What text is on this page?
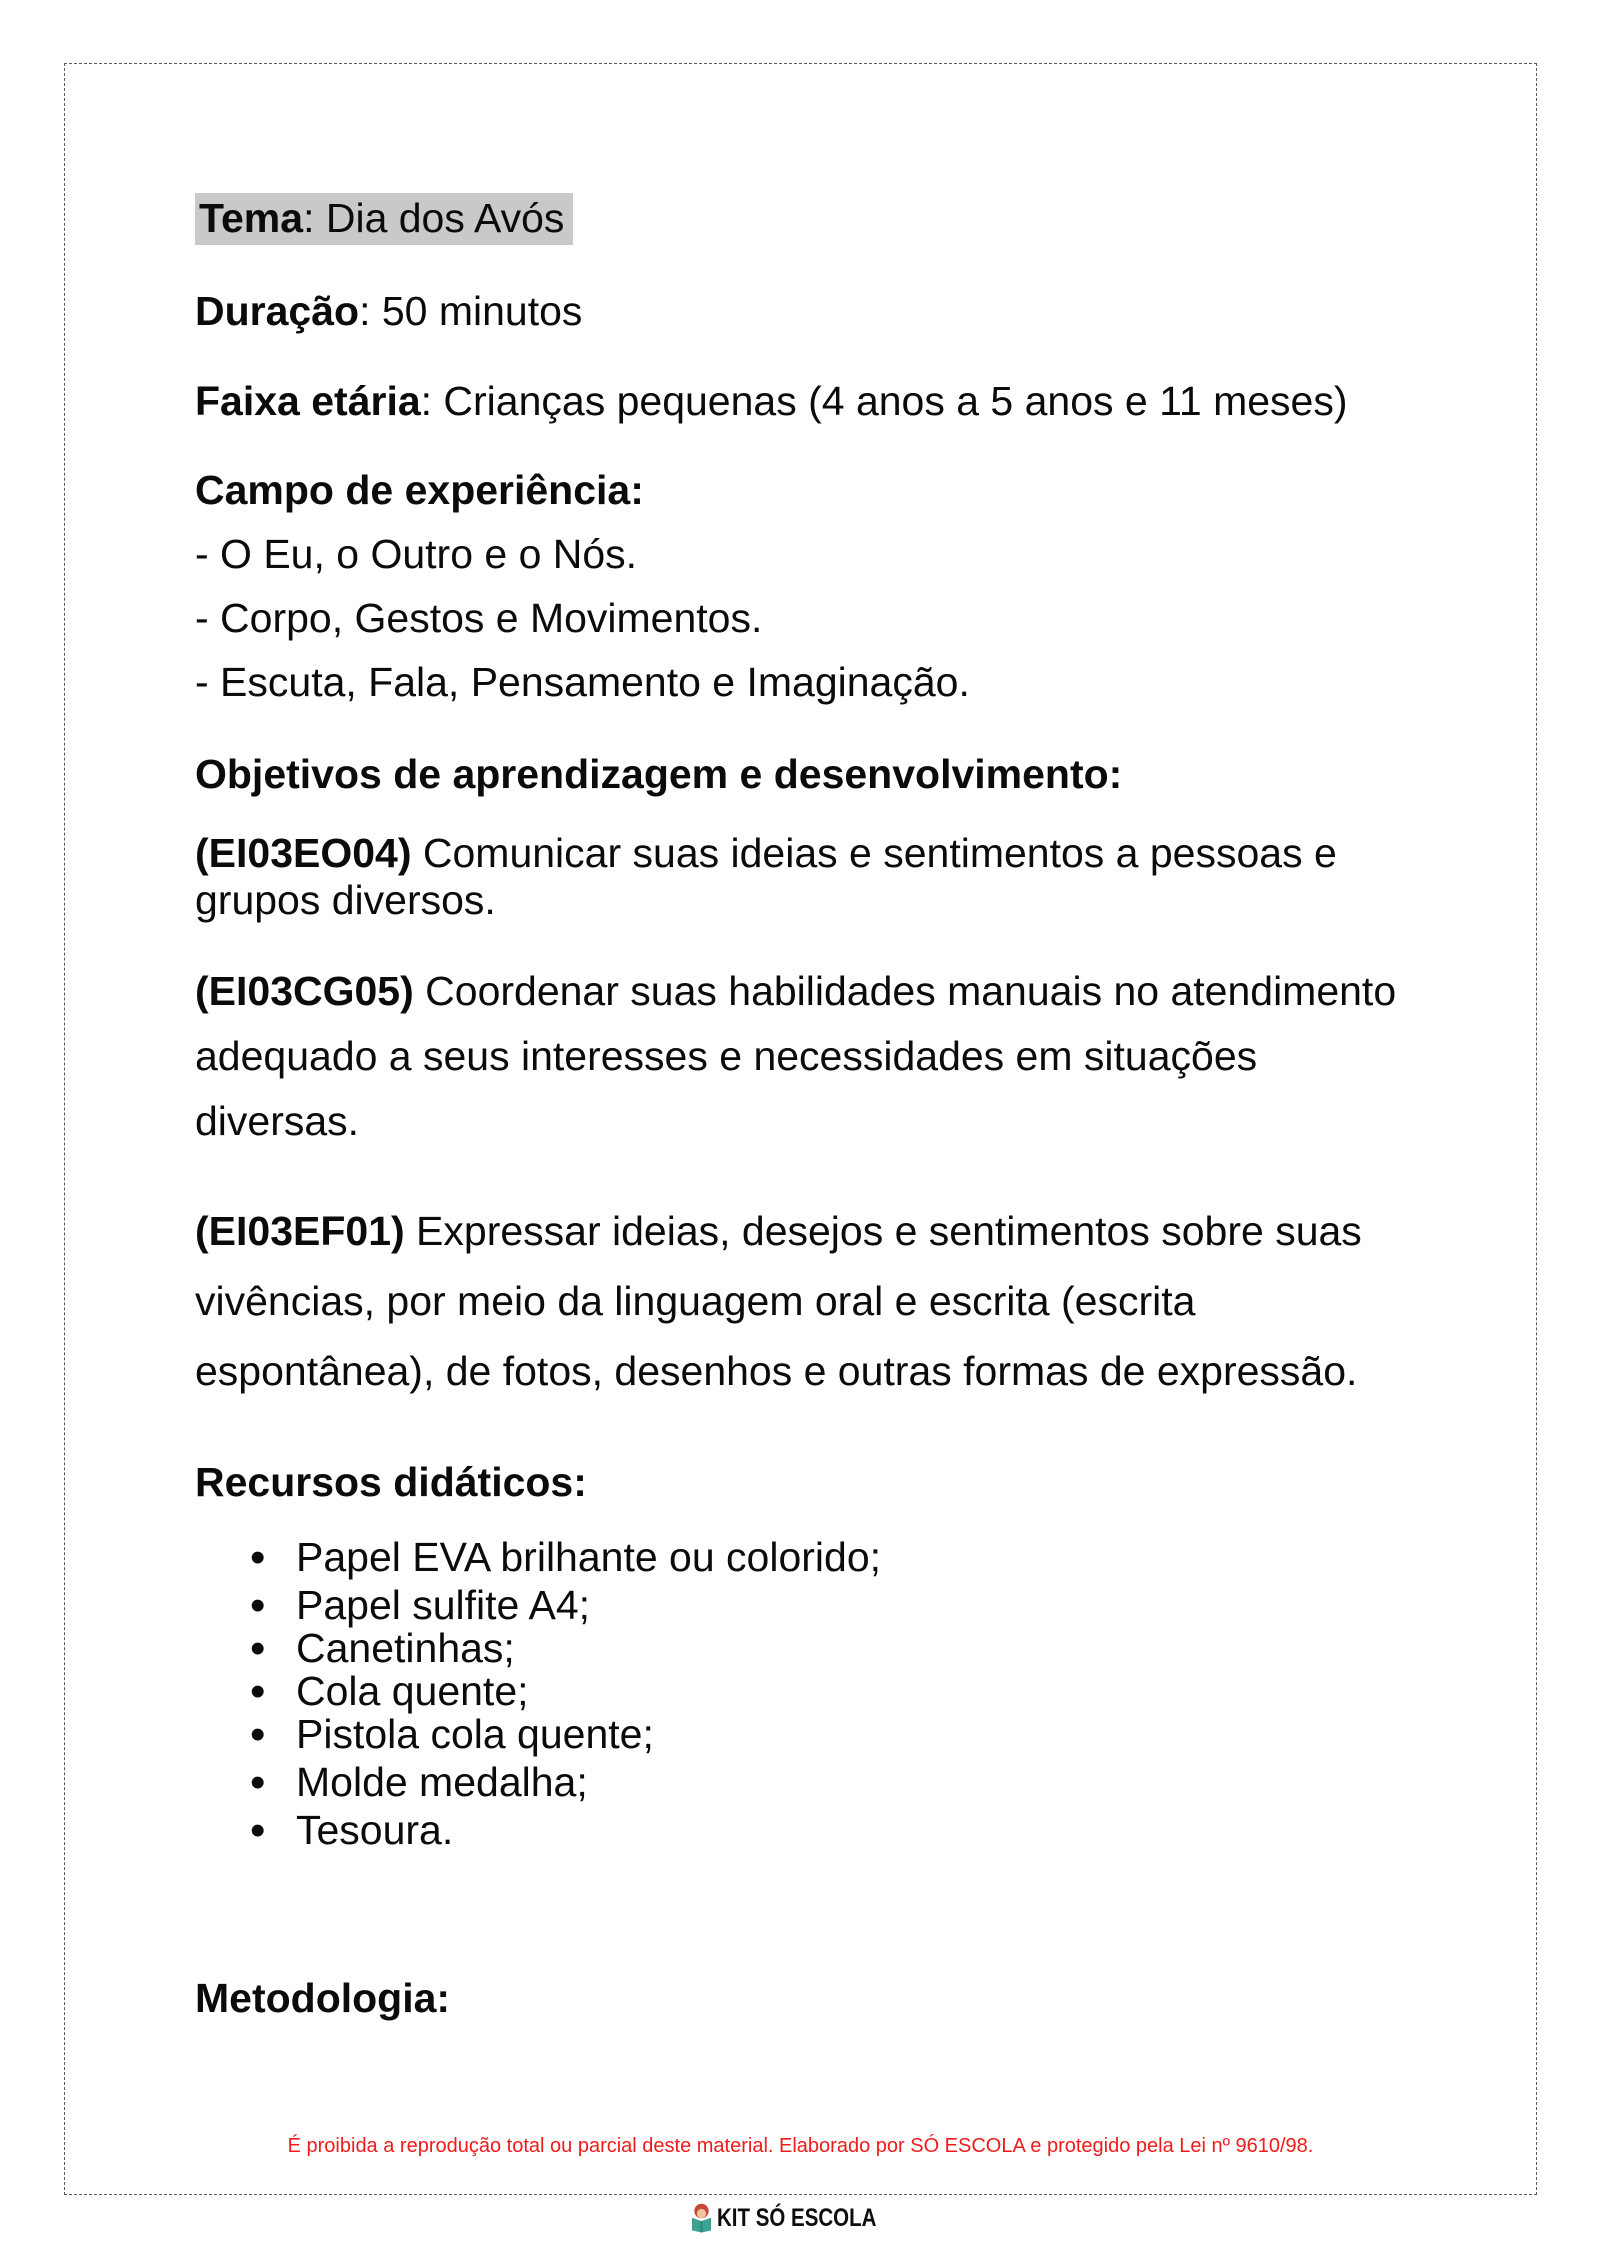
Tema: Dia dos Avós

Duração: 50 minutos

Faixa etária: Crianças pequenas (4 anos a 5 anos e 11 meses)

Campo de experiência:

- O Eu, o Outro e o Nós.
- Corpo, Gestos e Movimentos.
- Escuta, Fala, Pensamento e Imaginação.

Objetivos de aprendizagem e desenvolvimento:

(EI03EO04) Comunicar suas ideias e sentimentos a pessoas e grupos diversos.

(EI03CG05) Coordenar suas habilidades manuais no atendimento adequado a seus interesses e necessidades em situações diversas.

(EI03EF01) Expressar ideias, desejos e sentimentos sobre suas vivências, por meio da linguagem oral e escrita (escrita espontânea), de fotos, desenhos e outras formas de expressão.

Recursos didáticos:

• Papel EVA brilhante ou colorido;
• Papel sulfite A4;
• Canetinhas;
• Cola quente;
• Pistola cola quente;
• Molde medalha;
• Tesoura.

Metodologia:

É proibida a reprodução total ou parcial deste material. Elaborado por SÓ ESCOLA e protegido pela Lei nº 9610/98.
KIT SÓ ESCOLA
